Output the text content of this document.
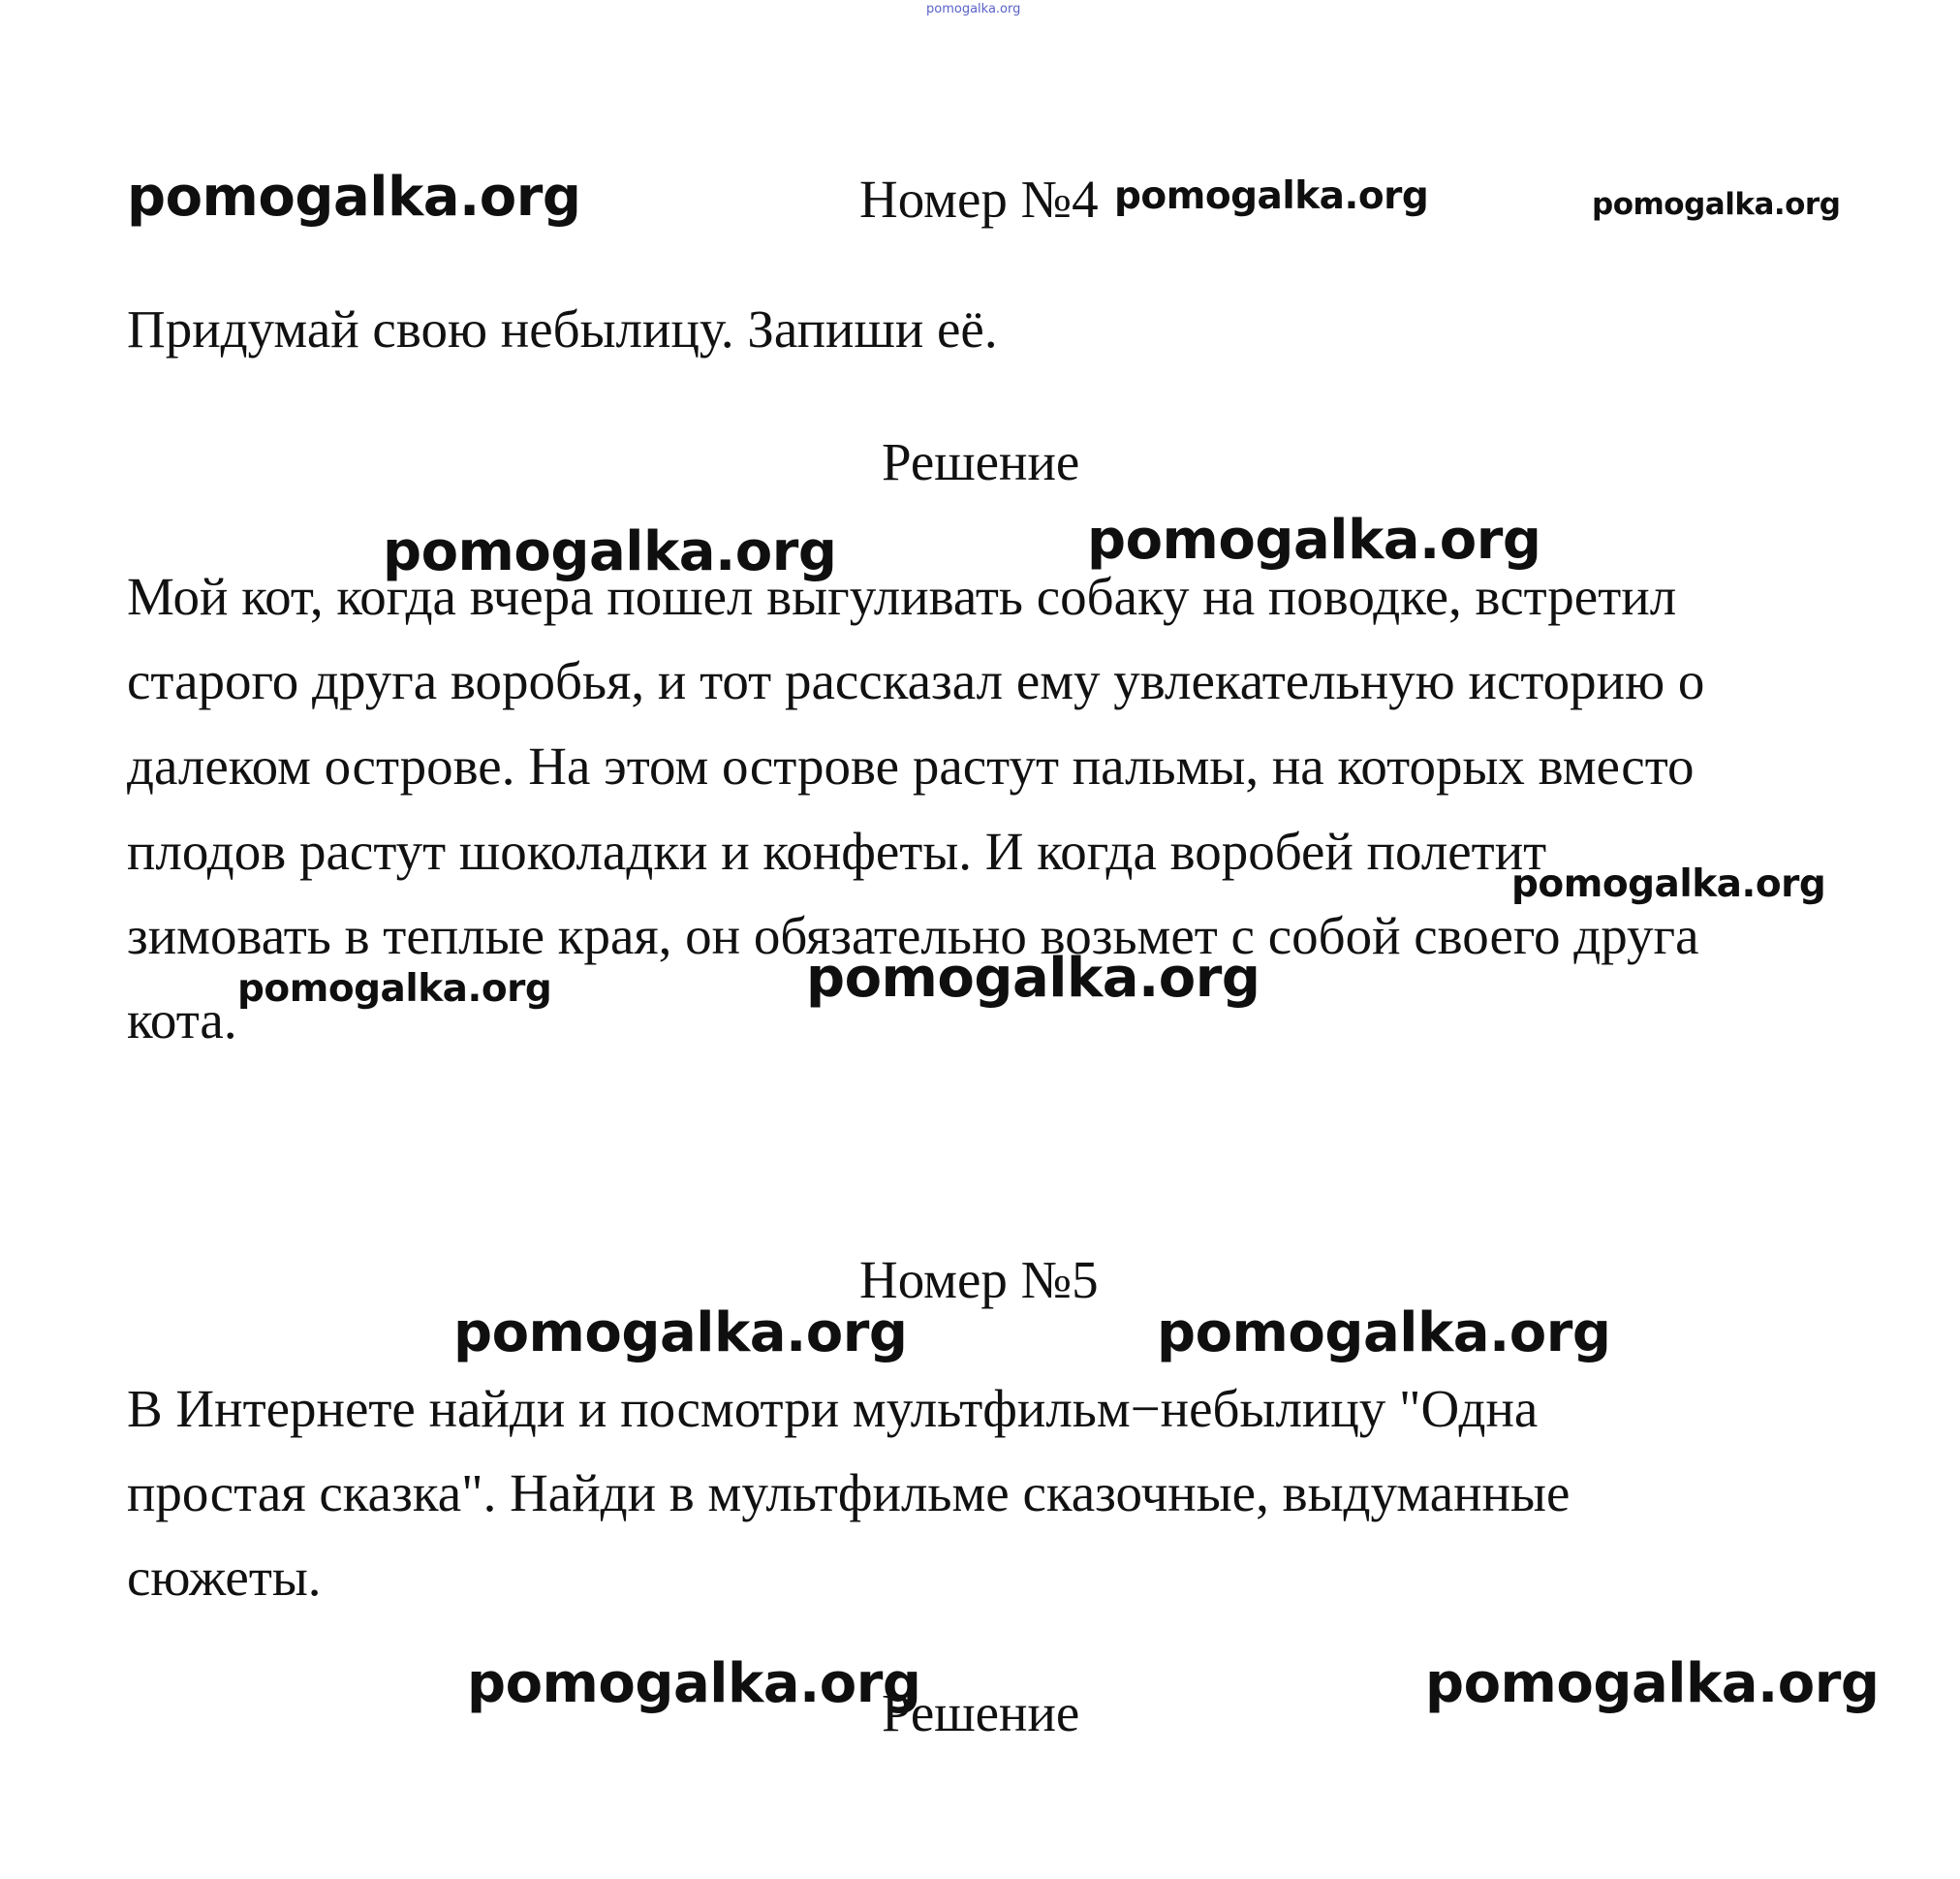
pomogalka.org
pomogalka.org	pomogalka.org	pomogalka.org
Номер №4
Придумай свою небылицу. Запиши её.
Решение
pomogalka.org	pomogalka.org
Мой кот, когда вчера пошел выгуливать собаку на поводке, встретил
старого друга воробья, и тот рассказал ему увлекательную историю о
далеком острове. На этом острове растут пальмы, на которых вместо
плодов растут шоколадки и конфеты. И когда воробей полетит
зимовать в теплые края, он обязательно возьмет с собой своего друга
кота.
pomogalka.org
pomogalka.org	pomogalka.org
Номер №5
pomogalka.org	pomogalka.org
В Интернете найди и посмотри мультфильм−небылицу "Одна
простая сказка". Найди в мультфильме сказочные, выдуманные
сюжеты.
pomogalka.org
Решение	pomogalka.org
